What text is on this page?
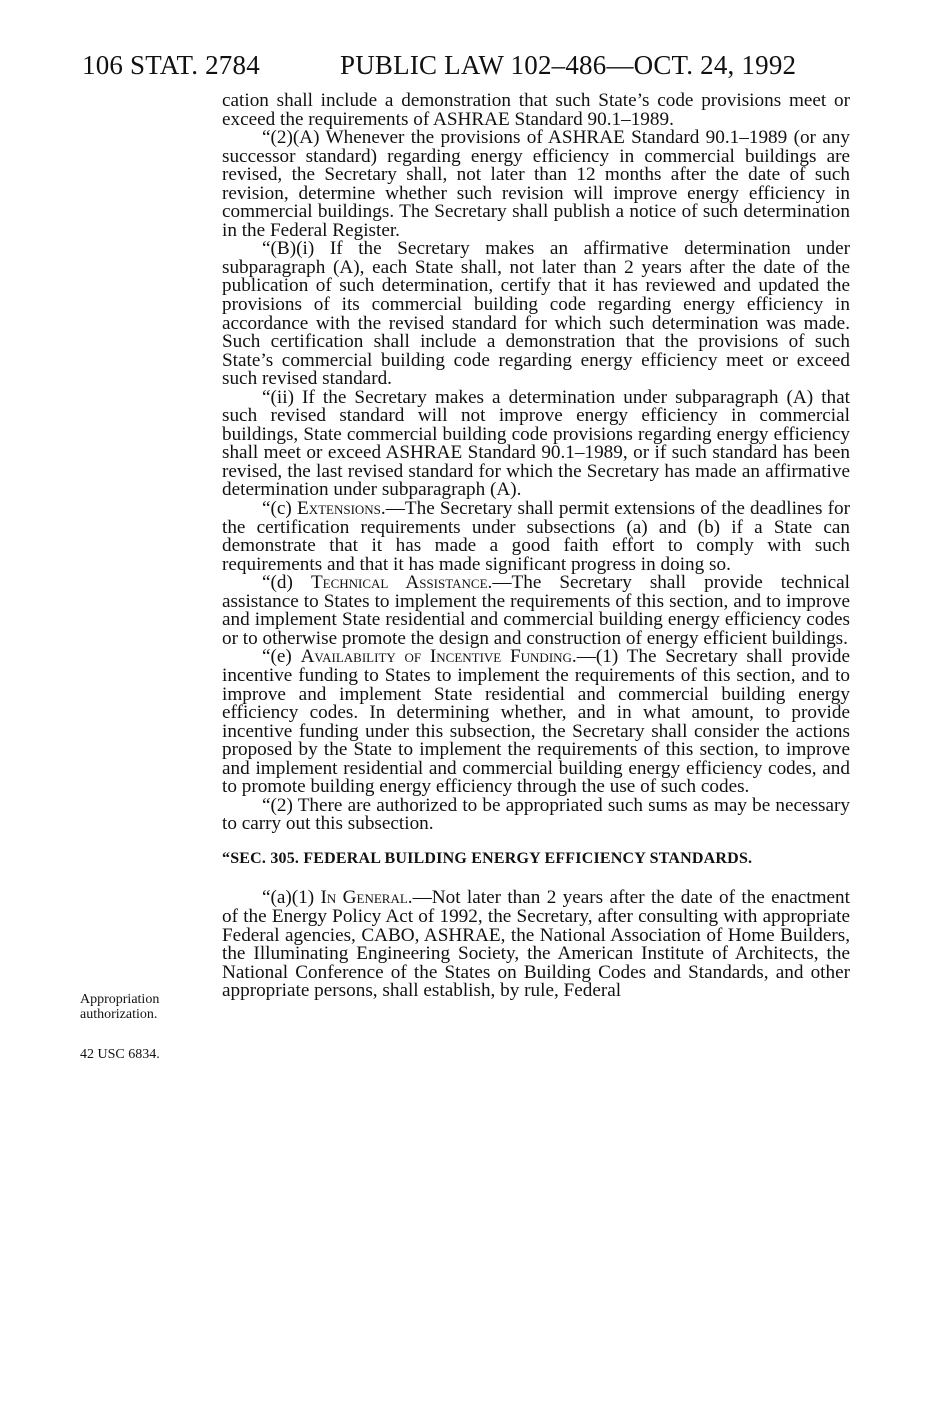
106 STAT. 2784	PUBLIC LAW 102–486—OCT. 24, 1992
Appropriation authorization.
42 USC 6834.

cation shall include a demonstration that such State’s code provisions meet or exceed the requirements of ASHRAE Standard 90.1–1989.

“(2)(A) Whenever the provisions of ASHRAE Standard 90.1–1989 (or any successor standard) regarding energy efficiency in commercial buildings are revised, the Secretary shall, not later than 12 months after the date of such revision, determine whether such revision will improve energy efficiency in commercial buildings. The Secretary shall publish a notice of such determination in the Federal Register.

“(B)(i) If the Secretary makes an affirmative determination under subparagraph (A), each State shall, not later than 2 years after the date of the publication of such determination, certify that it has reviewed and updated the provisions of its commercial building code regarding energy efficiency in accordance with the revised standard for which such determination was made. Such certification shall include a demonstration that the provisions of such State’s commercial building code regarding energy efficiency meet or exceed such revised standard.

“(ii) If the Secretary makes a determination under subparagraph (A) that such revised standard will not improve energy efficiency in commercial buildings, State commercial building code provisions regarding energy efficiency shall meet or exceed ASHRAE Standard 90.1–1989, or if such standard has been revised, the last revised standard for which the Secretary has made an affirmative determination under subparagraph (A).

“(c) Extensions.—The Secretary shall permit extensions of the deadlines for the certification requirements under subsections (a) and (b) if a State can demonstrate that it has made a good faith effort to comply with such requirements and that it has made significant progress in doing so.

“(d) Technical Assistance.—The Secretary shall provide technical assistance to States to implement the requirements of this section, and to improve and implement State residential and commercial building energy efficiency codes or to otherwise promote the design and construction of energy efficient buildings.

“(e) Availability of Incentive Funding.—(1) The Secretary shall provide incentive funding to States to implement the requirements of this section, and to improve and implement State residential and commercial building energy efficiency codes. In determining whether, and in what amount, to provide incentive funding under this subsection, the Secretary shall consider the actions proposed by the State to implement the requirements of this section, to improve and implement residential and commercial building energy efficiency codes, and to promote building energy efficiency through the use of such codes.

“(2) There are authorized to be appropriated such sums as may be necessary to carry out this subsection.

“SEC. 305. FEDERAL BUILDING ENERGY EFFICIENCY STANDARDS.

“(a)(1) In General.—Not later than 2 years after the date of the enactment of the Energy Policy Act of 1992, the Secretary, after consulting with appropriate Federal agencies, CABO, ASHRAE, the National Association of Home Builders, the Illuminating Engineering Society, the American Institute of Architects, the National Conference of the States on Building Codes and Standards, and other appropriate persons, shall establish, by rule, Federal
